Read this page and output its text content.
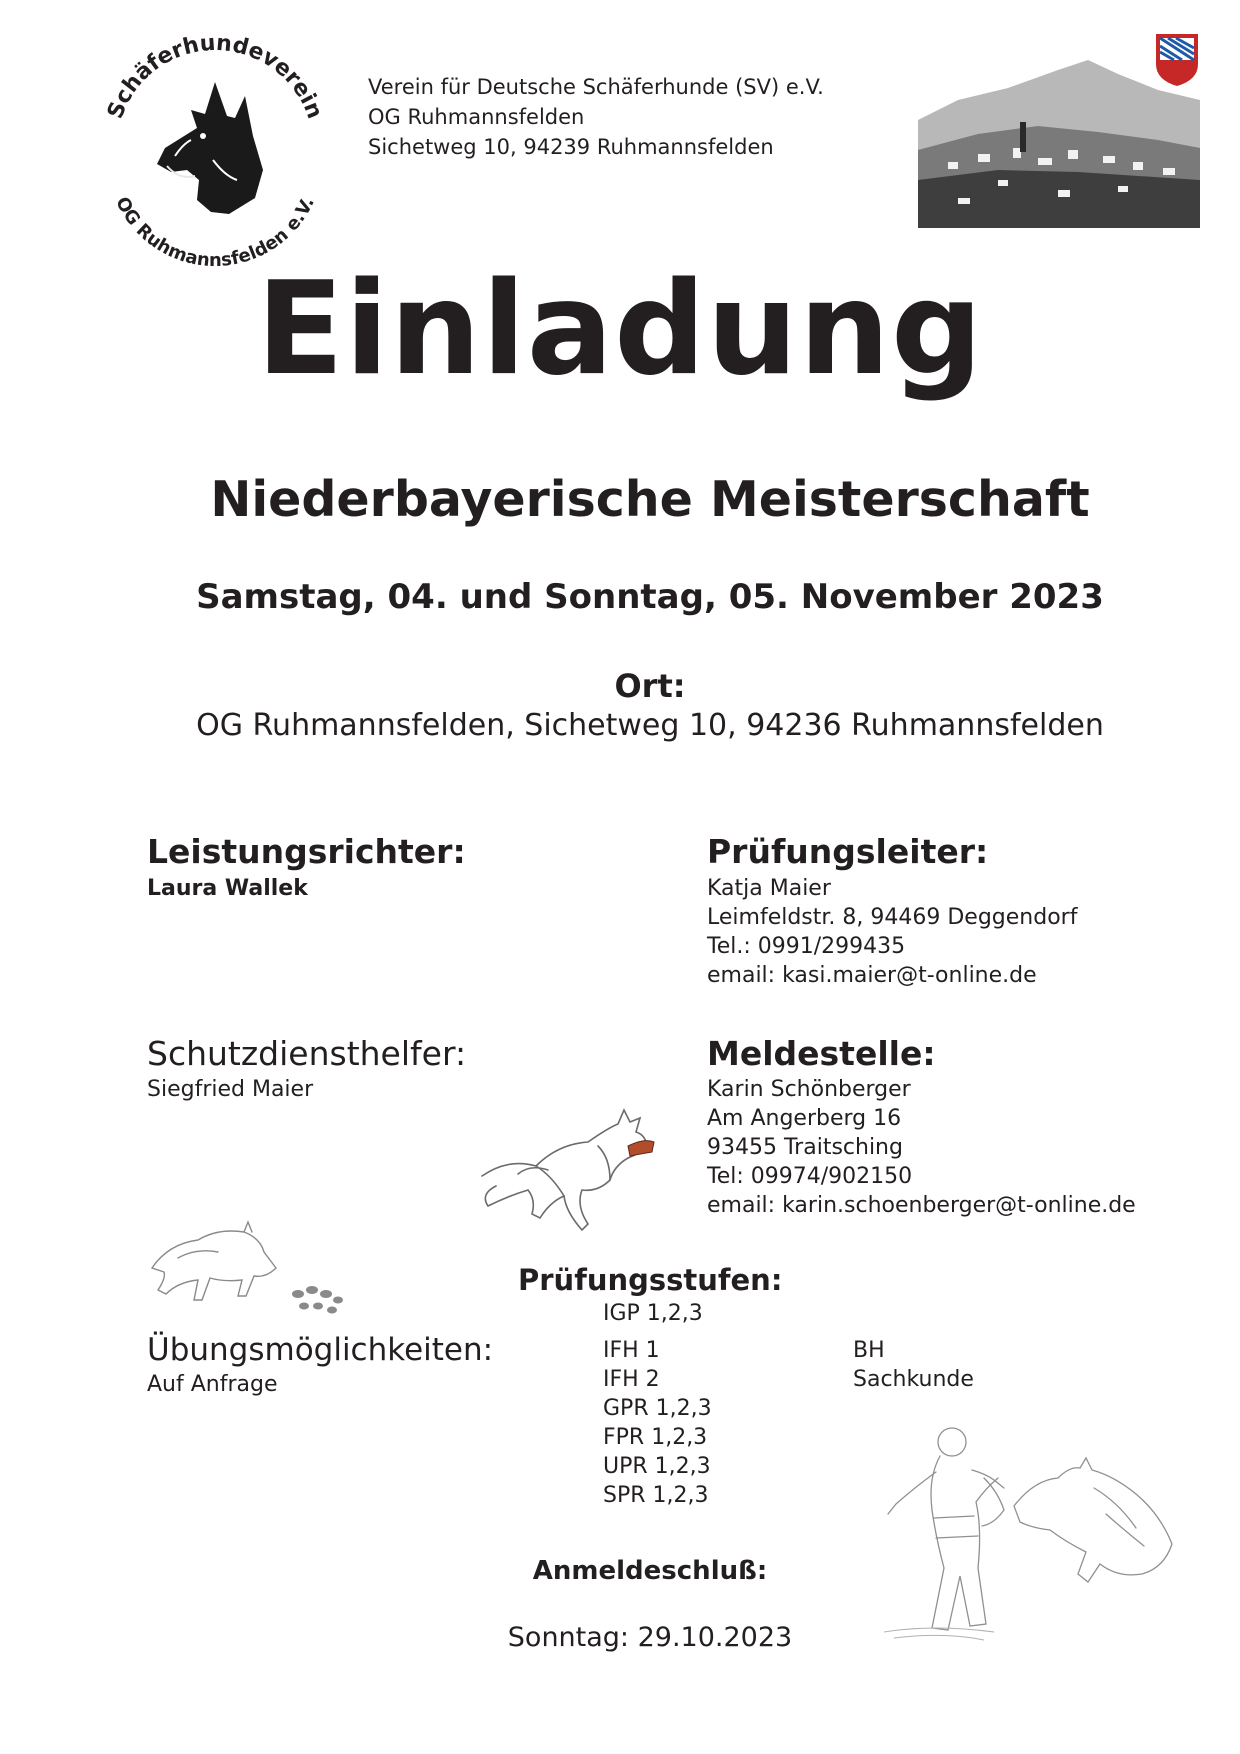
Schäferhundeverein
OG Ruhmannsfelden e.V.
Verein für Deutsche Schäferhunde (SV) e.V.
OG Ruhmannsfelden
Sichetweg 10, 94239 Ruhmannsfelden
Einladung
Niederbayerische Meisterschaft
Samstag, 04. und Sonntag, 05. November 2023
Ort:
OG Ruhmannsfelden, Sichetweg 10, 94236 Ruhmannsfelden
Leistungsrichter:
Laura Wallek
Prüfungsleiter:
Katja Maier
Leimfeldstr. 8, 94469 Deggendorf
Tel.: 0991/299435
email: kasi.maier@t-online.de
Schutzdiensthelfer:
Siegfried Maier
Meldestelle:
Karin Schönberger
Am Angerberg 16
93455 Traitsching
Tel: 09974/902150
email: karin.schoenberger@t-online.de
Prüfungsstufen:
IGP 1,2,3
IFH 1
IFH 2
GPR 1,2,3
FPR 1,2,3
UPR 1,2,3
SPR 1,2,3
BH
Sachkunde
Übungsmöglichkeiten:
Auf Anfrage
Anmeldeschluß:
Sonntag: 29.10.2023
